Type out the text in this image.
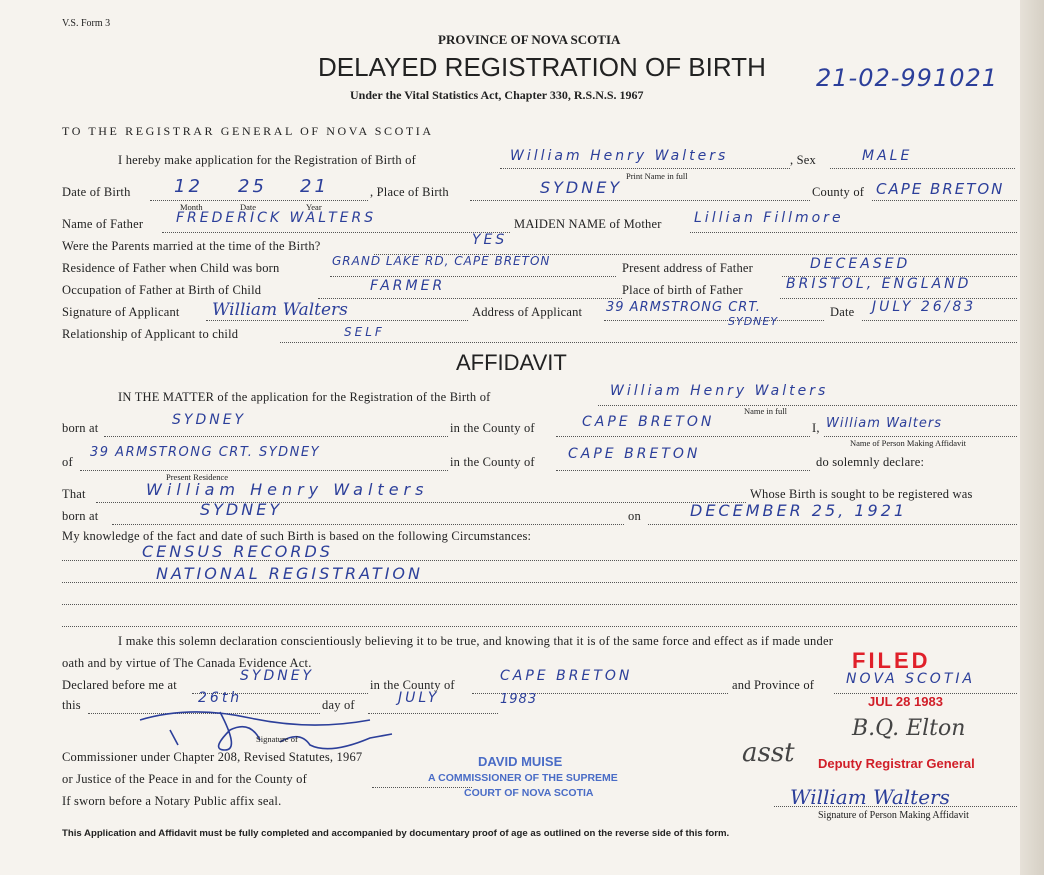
V.S. Form 3
PROVINCE OF NOVA SCOTIA
DELAYED REGISTRATION OF BIRTH
Under the Vital Statistics Act, Chapter 330, R.S.N.S. 1967
21-02-991021
TO THE REGISTRAR GENERAL OF NOVA SCOTIA
I hereby make application for the Registration of Birth of	William Henry Walters
Print Name in full
, Sex	MALE
Date of Birth 12 25 21
Month	Date	Year
, Place of Birth	SYDNEY	County of CAPE BRETON
Name of Father FREDERICK WALTERS	MAIDEN NAME of Mother Lillian Fillmore
Were the Parents married at the time of the Birth?	YES
Residence of Father when Child was born	GRAND LAKE RD, CAPE BRETON	Present address of Father	DECEASED
Occupation of Father at Birth of Child	FARMER	Place of birth of Father	BRISTOL, ENGLAND
Signature of Applicant William Walters	Address of Applicant 39 ARMSTRONG CRT.
SYDNEY
Date JULY 26/83
Relationship of Applicant to child	SELF
AFFIDAVIT
IN THE MATTER of the application for the Registration of the Birth of	William Henry Walters
Name in full
born at	SYDNEY	in the County of	CAPE BRETON	I, William Walters
Name of Person Making Affidavit
of
39 ARMSTRONG CRT. SYDNEY
Present Residence
in the County of CAPE BRETON	do solemnly declare:
That	William Henry Walters	Whose Birth is sought to be registered was
born at	SYDNEY	on	DECEMBER 25, 1921
My knowledge of the fact and date of such Birth is based on the following Circumstances:
CENSUS RECORDS
NATIONAL REGISTRATION
I make this solemn declaration conscientiously believing it to be true, and knowing that it is of the same force and effect as if made under
oath and by virtue of The Canada Evidence Act.
Declared before me at
SYDNEY
in the County of
CAPE BRETON
and Province of NOVA SCOTIA
this	26th	day of	JULY	1983
FILED
JUL 28 1983
Signature of
Commissioner under Chapter 208, Revised Statutes, 1967
or Justice of the Peace in and for the County of
If sworn before a Notary Public affix seal.
DAVID MUISE
A COMMISSIONER OF THE SUPREME
COURT OF NOVA SCOTIA
asst
B.Q. Elton
Deputy Registrar General
William Walters
Signature of Person Making Affidavit
This Application and Affidavit must be fully completed and accompanied by documentary proof of age as outlined on the reverse side of this form.
